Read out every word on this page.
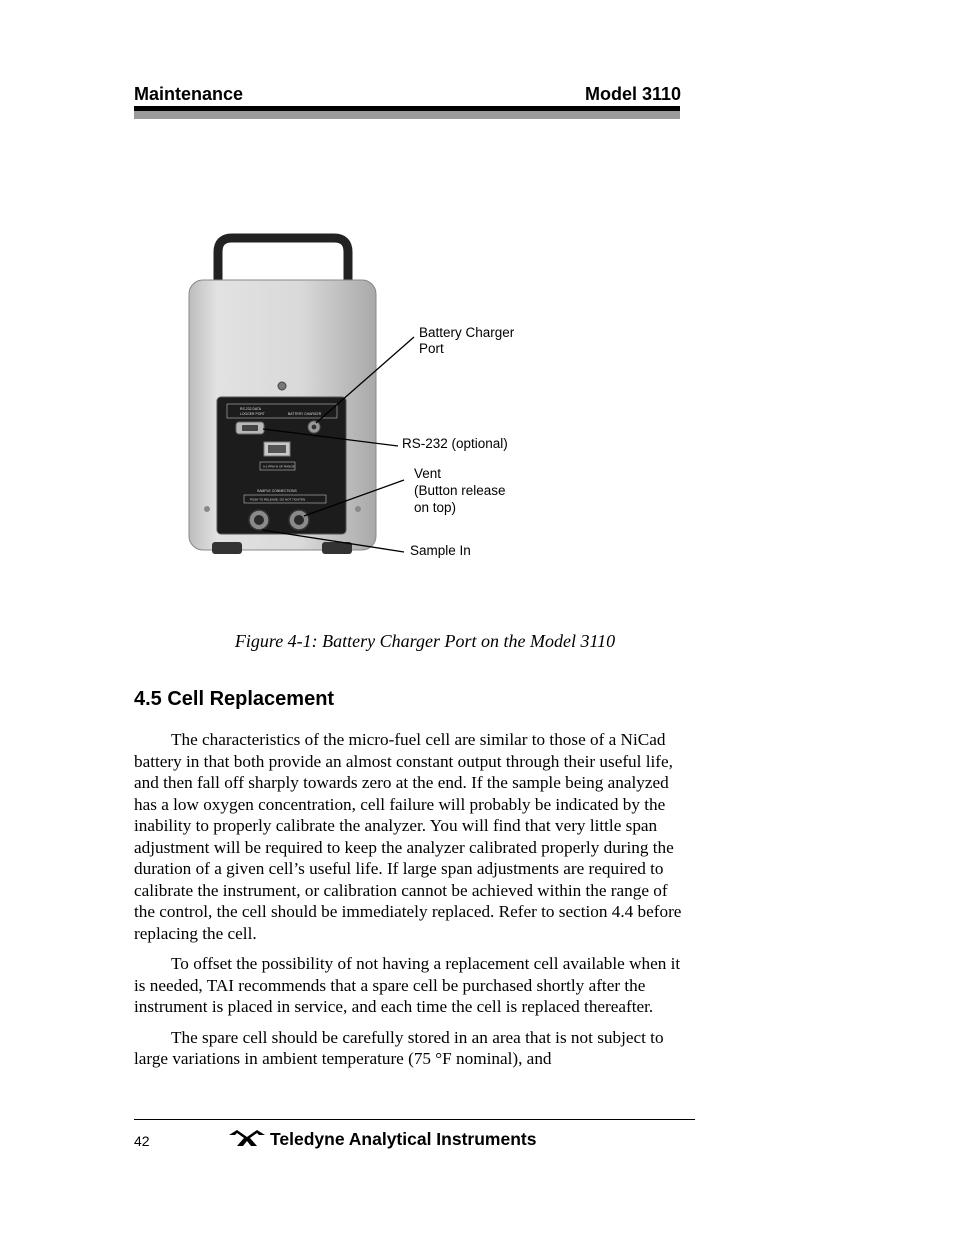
Maintenance	Model 3110
RS-232 DATA
LOGGER PORT	BATTERY CHARGER
0-1 PPM % OF RANGE
SAMPLE CONNECTIONS
PUSH TO RELEASE, DO NOT TIGHTEN
Battery Charger
Port
RS-232 (optional)
Vent
(Button release
on top)
Sample In
Figure 4-1: Battery Charger Port on the Model 3110
4.5 Cell Replacement

The characteristics of the micro-fuel cell are similar to those of a NiCad battery in that both provide an almost constant output through their useful life, and then fall off sharply towards zero at the end. If the sample being analyzed has a low oxygen concentration, cell failure will probably be indicated by the inability to properly calibrate the analyzer. You will find that very little span adjustment will be required to keep the analyzer calibrated properly during the duration of a given cell’s useful life. If large span adjustments are required to calibrate the instrument, or calibration cannot be achieved within the range of the control, the cell should be immediately replaced. Refer to section 4.4 before replacing the cell.

To offset the possibility of not having a replacement cell available when it is needed, TAI recommends that a spare cell be purchased shortly after the instrument is placed in service, and each time the cell is replaced thereafter.

The spare cell should be carefully stored in an area that is not subject to large variations in ambient temperature (75 °F nominal), and

42	Teledyne Analytical Instruments
